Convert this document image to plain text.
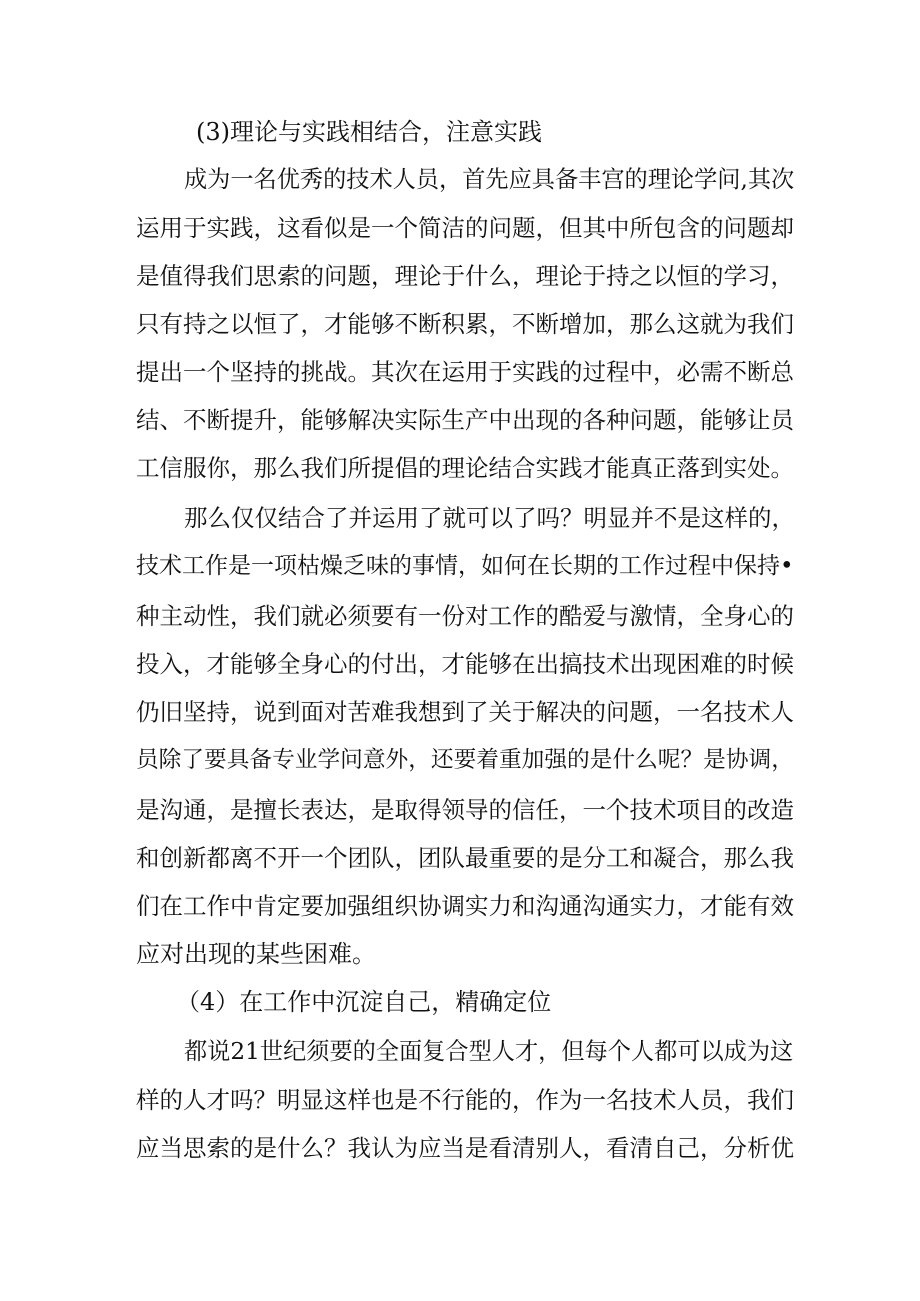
(3)理论与实践相结合，注意实践
成为一名优秀的技术人员，首先应具备丰宫的理论学问,其次
运用于实践，这看似是一个简洁的问题，但其中所包含的问题却
是值得我们思索的问题，理论于什么，理论于持之以恒的学习，
只有持之以恒了，才能够不断积累，不断增加，那么这就为我们
提出一个坚持的挑战。其次在运用于实践的过程中，必需不断总
结、不断提升，能够解决实际生产中出现的各种问题，能够让员
工信服你，那么我们所提倡的理论结合实践才能真正落到实处。
那么仅仅结合了并运用了就可以了吗？明显并不是这样的，
技术工作是一项枯燥乏味的事情，如何在长期的工作过程中保持•
种主动性，我们就必须要有一份对工作的酷爱与激情，全身心的
投入，才能够全身心的付出，才能够在出搞技术出现困难的时候
仍旧坚持，说到面对苦难我想到了关于解决的问题，一名技术人
员除了要具备专业学问意外，还要着重加强的是什么呢？是协调，
是沟通，是擅长表达，是取得领导的信任，一个技术项目的改造
和创新都离不开一个团队，团队最重要的是分工和凝合，那么我
们在工作中肯定要加强组织协调实力和沟通沟通实力，才能有效
应对出现的某些困难。
（4）在工作中沉淀自己，精确定位
都说21世纪须要的全面复合型人才，但每个人都可以成为这
样的人才吗？明显这样也是不行能的，作为一名技术人员，我们
应当思索的是什么？我认为应当是看清别人，看清自己，分析优
